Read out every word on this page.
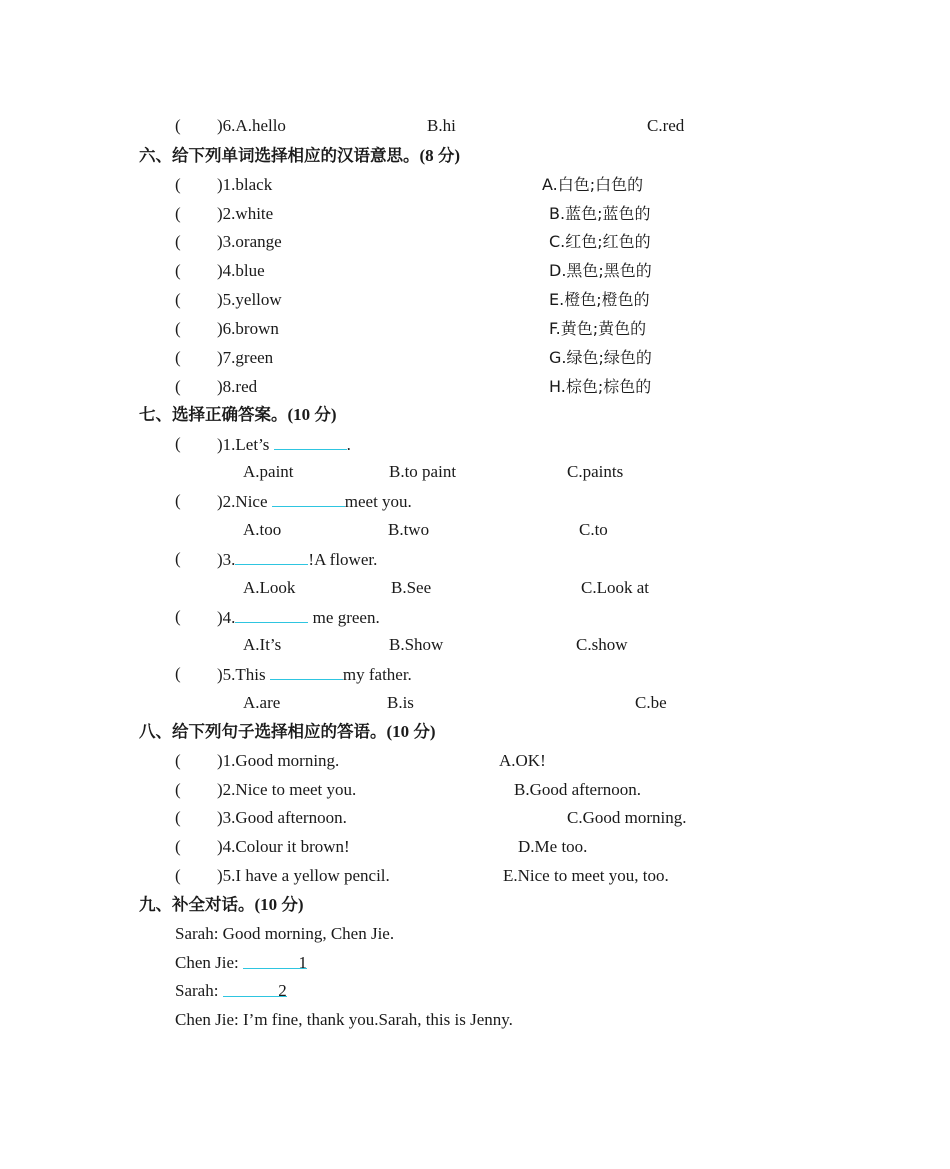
( )6.A.hello	B.hi	C.red
六、给下列单词选择相应的汉语意思。(8 分)
( )1.black	A.白色;白色的
( )2.white	B.蓝色;蓝色的
( )3.orange	C.红色;红色的
( )4.blue	D.黑色;黑色的
( )5.yellow	E.橙色;橙色的
( )6.brown	F.黄色;黄色的
( )7.green	G.绿色;绿色的
( )8.red	H.棕色;棕色的
七、选择正确答案。(10 分)
( )1.Let’s	.
A.paint	B.to paint	C.paints
( )2.Nice	meet you.
A.too	B.two	C.to
( )3.	!A flower.
A.Look	B.See	C.Look at
( )4.	me green.
A.It’s	B.Show	C.show
( )5.This	my father.
A.are	B.is	C.be
八、给下列句子选择相应的答语。(10 分)
( )1.Good morning.	A.OK!
( )2.Nice to meet you.	B.Good afternoon.
( )3.Good afternoon.	C.Good morning.
( )4.Colour it brown!	D.Me too.
( )5.I have a yellow pencil.	E.Nice to meet you, too.
九、补全对话。(10 分)
Sarah: Good morning, Chen Jie.
Chen Jie:	1
Sarah:	2
Chen Jie: I’m fine, thank you.Sarah, this is Jenny.
